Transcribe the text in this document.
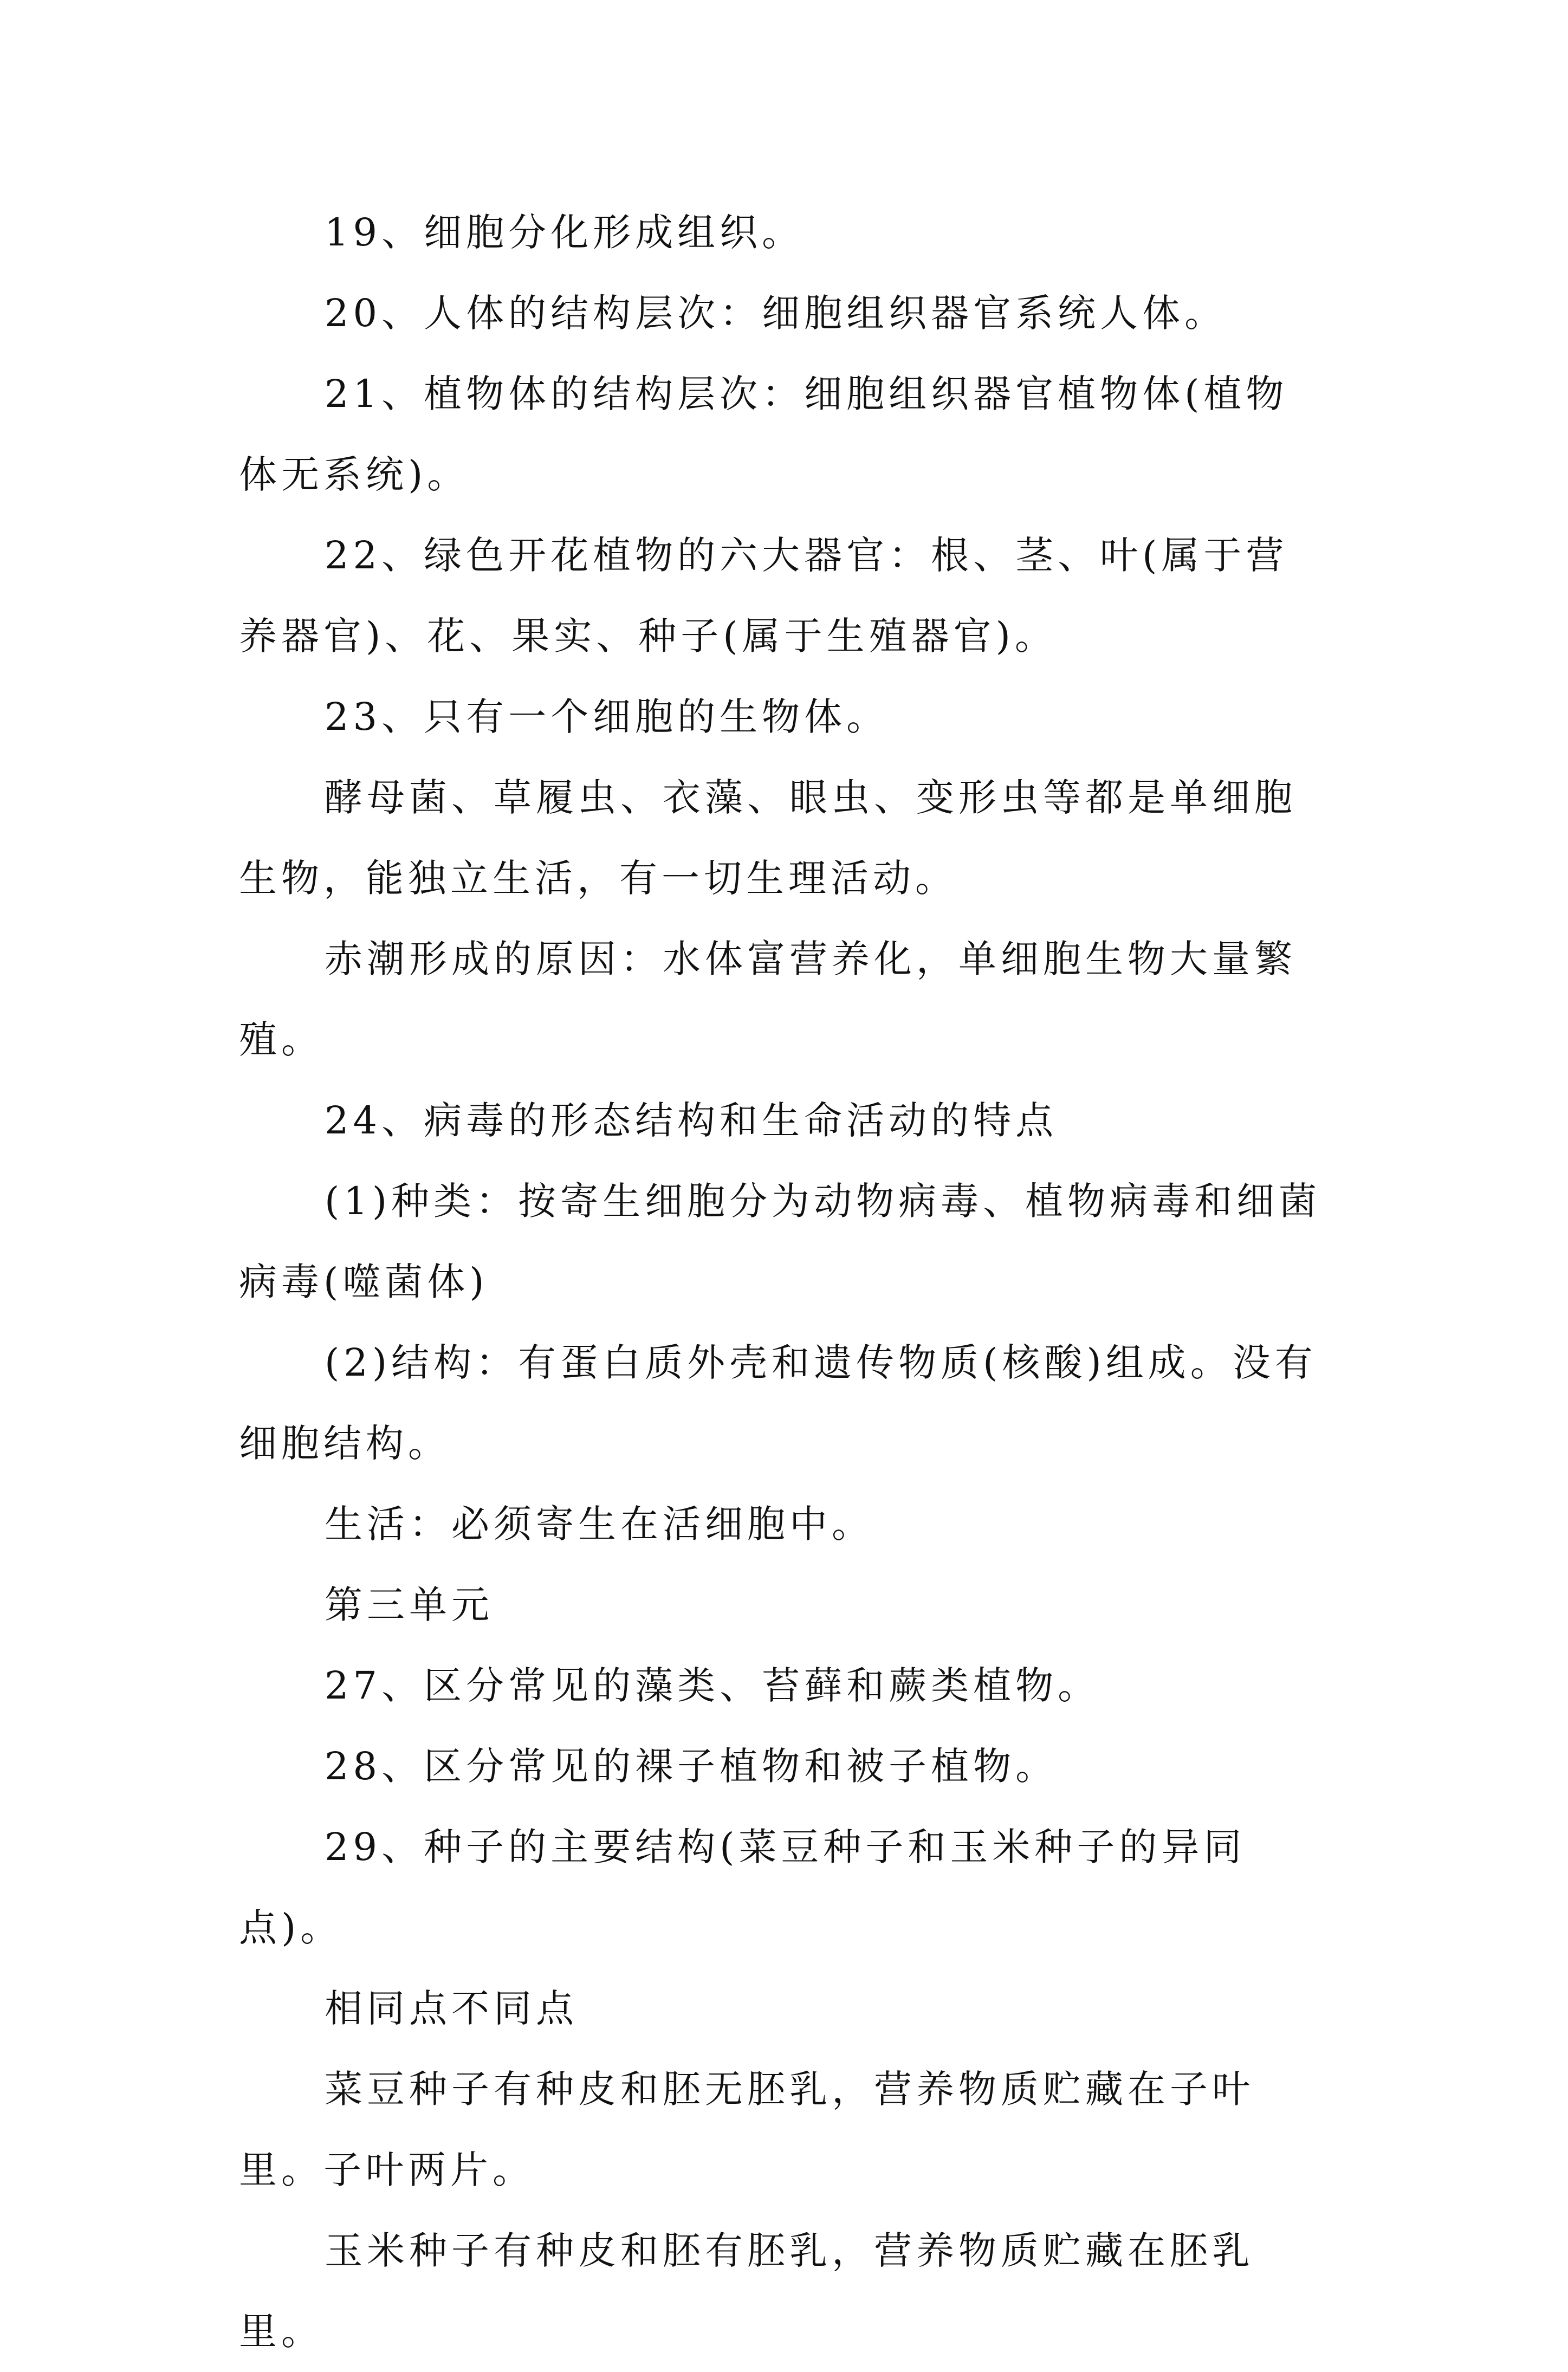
19、细胞分化形成组织。

20、人体的结构层次：细胞组织器官系统人体。

21、植物体的结构层次：细胞组织器官植物体(植物体无系统)。

22、绿色开花植物的六大器官：根、茎、叶(属于营养器官)、花、果实、种子(属于生殖器官)。

23、只有一个细胞的生物体。

酵母菌、草履虫、衣藻、眼虫、变形虫等都是单细胞生物，能独立生活，有一切生理活动。

赤潮形成的原因：水体富营养化，单细胞生物大量繁殖。

24、病毒的形态结构和生命活动的特点

(1)种类：按寄生细胞分为动物病毒、植物病毒和细菌病毒(噬菌体)

(2)结构：有蛋白质外壳和遗传物质(核酸)组成。没有细胞结构。

生活：必须寄生在活细胞中。

第三单元

27、区分常见的藻类、苔藓和蕨类植物。

28、区分常见的裸子植物和被子植物。

29、种子的主要结构(菜豆种子和玉米种子的异同点)。

相同点不同点

菜豆种子有种皮和胚无胚乳，营养物质贮藏在子叶里。子叶两片。

玉米种子有种皮和胚有胚乳，营养物质贮藏在胚乳里。
